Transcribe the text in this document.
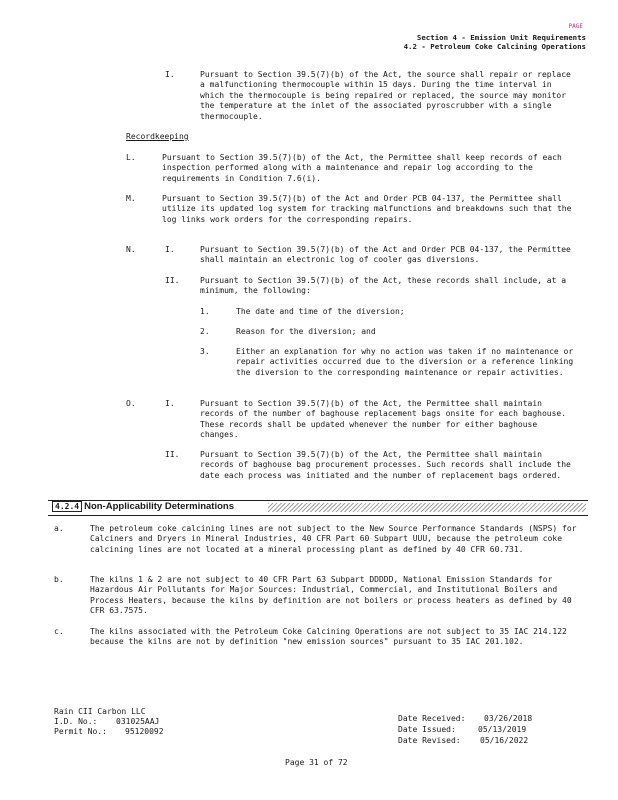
PAGE
Section 4 - Emission Unit Requirements
4.2 - Petroleum Coke Calcining Operations
I.	Pursuant to Section 39.5(7)(b) of the Act, the source shall repair or replace a malfunctioning thermocouple within 15 days. During the time interval in which the thermocouple is being repaired or replaced, the source may monitor the temperature at the inlet of the associated pyroscrubber with a single thermocouple.
Recordkeeping
L.	Pursuant to Section 39.5(7)(b) of the Act, the Permittee shall keep records of each inspection performed along with a maintenance and repair log according to the requirements in Condition 7.6(i).
M.	Pursuant to Section 39.5(7)(b) of the Act and Order PCB 04-137, the Permittee shall utilize its updated log system for tracking malfunctions and breakdowns such that the log links work orders for the corresponding repairs.
N.	I.	Pursuant to Section 39.5(7)(b) of the Act and Order PCB 04-137, the Permittee shall maintain an electronic log of cooler gas diversions.
II.	Pursuant to Section 39.5(7)(b) of the Act, these records shall include, at a minimum, the following:
1.	The date and time of the diversion;
2.	Reason for the diversion; and
3.	Either an explanation for why no action was taken if no maintenance or repair activities occurred due to the diversion or a reference linking the diversion to the corresponding maintenance or repair activities.
O.	I.	Pursuant to Section 39.5(7)(b) of the Act, the Permittee shall maintain records of the number of baghouse replacement bags onsite for each baghouse. These records shall be updated whenever the number for either baghouse changes.
II.	Pursuant to Section 39.5(7)(b) of the Act, the Permittee shall maintain records of baghouse bag procurement processes. Such records shall include the date each process was initiated and the number of replacement bags ordered.
4.2.4 Non-Applicability Determinations
a.	The petroleum coke calcining lines are not subject to the New Source Performance Standards (NSPS) for Calciners and Dryers in Mineral Industries, 40 CFR Part 60 Subpart UUU, because the petroleum coke calcining lines are not located at a mineral processing plant as defined by 40 CFR 60.731.
b.	The kilns 1 & 2 are not subject to 40 CFR Part 63 Subpart DDDDD, National Emission Standards for Hazardous Air Pollutants for Major Sources: Industrial, Commercial, and Institutional Boilers and Process Heaters, because the kilns by definition are not boilers or process heaters as defined by 40 CFR 63.7575.
c.	The kilns associated with the Petroleum Coke Calcining Operations are not subject to 35 IAC 214.122 because the kilns are not by definition "new emission sources" pursuant to 35 IAC 201.102.
Rain CII Carbon LLC
I.D. No.: 031025AAJ
Permit No.: 95120092
Date Received: 03/26/2018
Date Issued:	05/13/2019
Date Revised: 05/16/2022
Page 31 of 72
